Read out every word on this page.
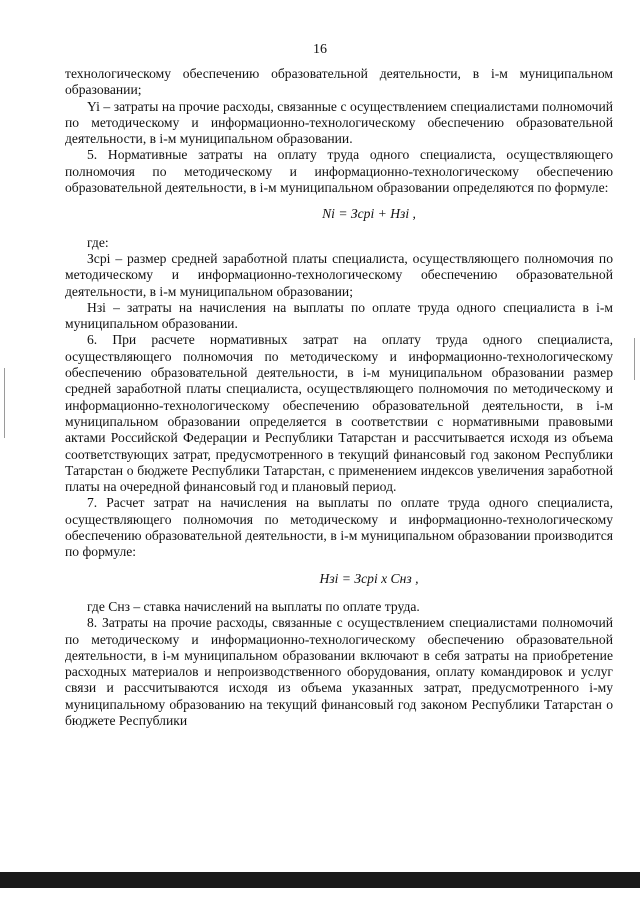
16

технологическому обеспечению образовательной деятельности, в i-м муниципальном образовании;

Yi – затраты на прочие расходы, связанные с осуществлением специалистами полномочий по методическому и информационно-технологическому обеспечению образовательной деятельности, в i-м муниципальном образовании.

5. Нормативные затраты на оплату труда одного специалиста, осуществляющего полномочия по методическому и информационно-технологическому обеспечению образовательной деятельности, в i-м муниципальном образовании определяются по формуле:

Ni = Зсрi + Нзi ,

где:

Зсрi – размер средней заработной платы специалиста, осуществляющего полномочия по методическому и информационно-технологическому обеспечению образовательной деятельности, в i-м муниципальном образовании;

Нзi – затраты на начисления на выплаты по оплате труда одного специалиста в i-м муниципальном образовании.

6. При расчете нормативных затрат на оплату труда одного специалиста, осуществляющего полномочия по методическому и информационно-технологическому обеспечению образовательной деятельности, в i-м муниципальном образовании размер средней заработной платы специалиста, осуществляющего полномочия по методическому и информационно-технологическому обеспечению образовательной деятельности, в i-м муниципальном образовании определяется в соответствии с нормативными правовыми актами Российской Федерации и Республики Татарстан и рассчитывается исходя из объема соответствующих затрат, предусмотренного в текущий финансовый год законом Республики Татарстан о бюджете Республики Татарстан, с применением индексов увеличения заработной платы на очередной финансовый год и плановый период.

7. Расчет затрат на начисления на выплаты по оплате труда одного специалиста, осуществляющего полномочия по методическому и информационно-технологическому обеспечению образовательной деятельности, в i-м муниципальном образовании производится по формуле:

Нзi = Зсрi х Снз ,

где Снз – ставка начислений на выплаты по оплате труда.

8. Затраты на прочие расходы, связанные с осуществлением специалистами полномочий по методическому и информационно-технологическому обеспечению образовательной деятельности, в i-м муниципальном образовании включают в себя затраты на приобретение расходных материалов и непроизводственного оборудования, оплату командировок и услуг связи и рассчитываются исходя из объема указанных затрат, предусмотренного i-му муниципальному образованию на текущий финансовый год законом Республики Татарстан о бюджете Республики
